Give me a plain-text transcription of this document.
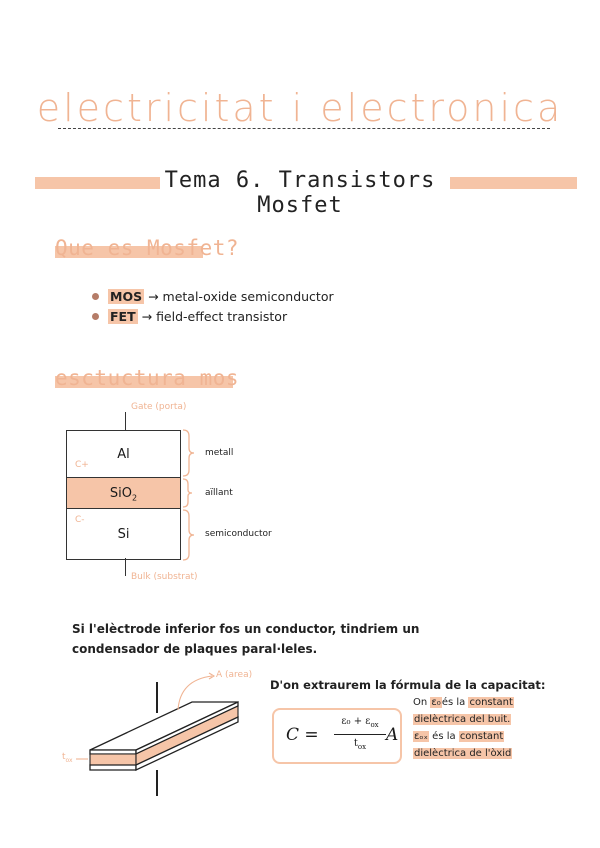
electricitat i electronica
Tema 6. Transistors Mosfet
Que es Mosfet?
MOS → metal-oxide semiconductor
FET → field-effect transistor
esctuctura mos
Gate (porta)
Al
SiO$_2$
Si
C+
C-
metall
aïllant
semiconductor
Bulk (substrat)
Si l'elèctrode inferior fos un conductor, tindriem un condensador de plaques paral·leles.
A (area)
$t_{ox}$
D'on extraurem la fórmula de la capacitat:
C =
$\varepsilon_0 + \varepsilon_{ox}$
$t_{ox}$
A
On ε₀és la constant
dielèctrica del buit.
εₒₓ és la constant
dielèctrica de l'òxid
